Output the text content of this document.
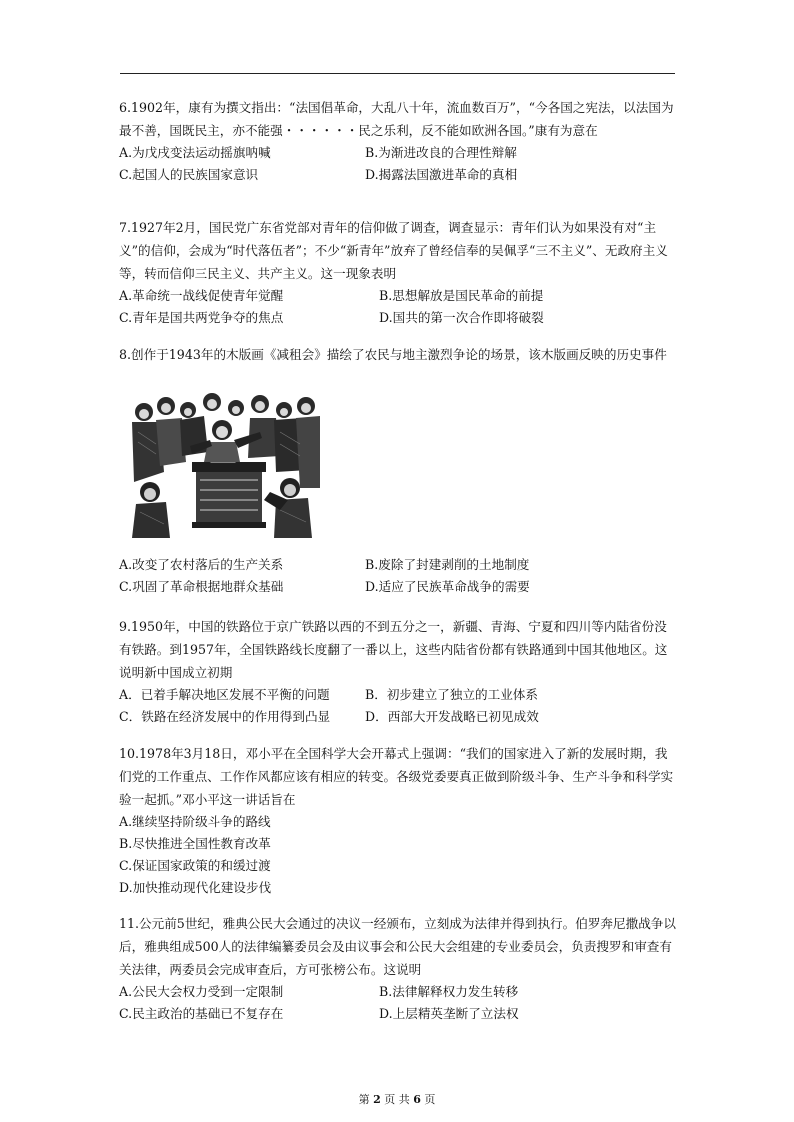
6.1902年，康有为撰文指出：“法国倡革命，大乱八十年，流血数百万”，“今各国之宪法，以法国为最不善，国既民主，亦不能强・・・・・・民之乐利，反不能如欧洲各国。”康有为意在

A.为戊戌变法运动摇旗呐喊	B.为渐进改良的合理性辩解
C.起国人的民族国家意识	D.揭露法国激进革命的真相

7.1927年2月，国民党广东省党部对青年的信仰做了调查，调查显示：青年们认为如果没有对“主义”的信仰，会成为“时代落伍者”；不少“新青年”放弃了曾经信奉的吴佩孚“三不主义”、无政府主义等，转而信仰三民主义、共产主义。这一现象表明

A.革命统一战线促使青年觉醒	B.思想解放是国民革命的前提
C.青年是国共两党争夺的焦点	D.国共的第一次合作即将破裂

8.创作于1943年的木版画《减租会》描绘了农民与地主激烈争论的场景，该木版画反映的历史事件

A.改变了农村落后的生产关系	B.废除了封建剥削的土地制度
C.巩固了革命根据地群众基础	D.适应了民族革命战争的需要

9.1950年，中国的铁路位于京广铁路以西的不到五分之一，新疆、青海、宁夏和四川等内陆省份没有铁路。到1957年，全国铁路线长度翻了一番以上，这些内陆省份都有铁路通到中国其他地区。这说明新中国成立初期

A．已着手解决地区发展不平衡的问题	B．初步建立了独立的工业体系
C．铁路在经济发展中的作用得到凸显	D．西部大开发战略已初见成效

10.1978年3月18日，邓小平在全国科学大会开幕式上强调：“我们的国家进入了新的发展时期，我们党的工作重点、工作作风都应该有相应的转变。各级党委要真正做到阶级斗争、生产斗争和科学实验一起抓。”邓小平这一讲话旨在

A.继续坚持阶级斗争的路线
B.尽快推进全国性教育改革
C.保证国家政策的和缓过渡
D.加快推动现代化建设步伐

11.公元前5世纪，雅典公民大会通过的决议一经颁布，立刻成为法律并得到执行。伯罗奔尼撒战争以后，雅典组成500人的法律编纂委员会及由议事会和公民大会组建的专业委员会，负责搜罗和审查有关法律，两委员会完成审查后，方可张榜公布。这说明

A.公民大会权力受到一定限制	B.法律解释权力发生转移
C.民主政治的基础已不复存在	D.上层精英垄断了立法权
第 2 页 共 6 页
